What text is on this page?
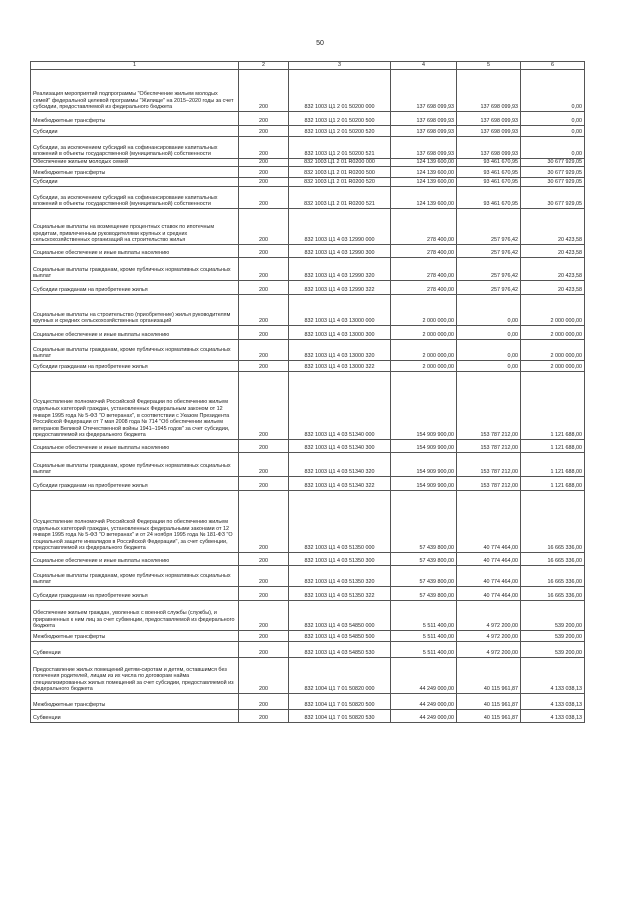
50
1	2	3	4	5	6
Реализация мероприятий подпрограммы "Обеспечение жильем молодых семей" федеральной целевой программы "Жилище" на 2015–2020 годы за счет субсидии, предоставляемой из федерального бюджета	200	832 1003 Ц1 2 01 50200 000	137 698 099,93	137 698 099,93	0,00
Межбюджетные трансферты	200	832 1003 Ц1 2 01 50200 500	137 698 099,93	137 698 099,93	0,00
Субсидии	200	832 1003 Ц1 2 01 50200 520	137 698 099,93	137 698 099,93	0,00
Субсидии, за исключением субсидий на софинансирование капитальных вложений в объекты государственной (муниципальной) собственности	200	832 1003 Ц1 2 01 50200 521	137 698 099,93	137 698 099,93	0,00
Обеспечение жильем молодых семей	200	832 1003 Ц1 2 01 R0200 000	124 139 600,00	93 461 670,95	30 677 929,05
Межбюджетные трансферты	200	832 1003 Ц1 2 01 R0200 500	124 139 600,00	93 461 670,95	30 677 929,05
Субсидии	200	832 1003 Ц1 2 01 R0200 520	124 139 600,00	93 461 670,95	30 677 929,05
Субсидии, за исключением субсидий на софинансирование капитальных вложений в объекты государственной (муниципальной) собственности	200	832 1003 Ц1 2 01 R0200 521	124 139 600,00	93 461 670,95	30 677 929,05
Социальные выплаты на возмещение процентных ставок по ипотечным кредитам, привлеченным руководителями крупных и средних сельскохозяйственных организаций на строительство жилья	200	832 1003 Ц1 4 03 12990 000	278 400,00	257 976,42	20 423,58
Социальное обеспечение и иные выплаты населению	200	832 1003 Ц1 4 03 12990 300	278 400,00	257 976,42	20 423,58
Социальные выплаты гражданам, кроме публичных нормативных социальных выплат	200	832 1003 Ц1 4 03 12990 320	278 400,00	257 976,42	20 423,58
Субсидии гражданам на приобретение жилья	200	832 1003 Ц1 4 03 12990 322	278 400,00	257 976,42	20 423,58
Социальные выплаты на строительство (приобретение) жилья руководителям крупных и средних сельскохозяйственных организаций	200	832 1003 Ц1 4 03 13000 000	2 000 000,00	0,00	2 000 000,00
Социальное обеспечение и иные выплаты населению	200	832 1003 Ц1 4 03 13000 300	2 000 000,00	0,00	2 000 000,00
Социальные выплаты гражданам, кроме публичных нормативных социальных выплат	200	832 1003 Ц1 4 03 13000 320	2 000 000,00	0,00	2 000 000,00
Субсидии гражданам на приобретение жилья	200	832 1003 Ц1 4 03 13000 322	2 000 000,00	0,00	2 000 000,00
Осуществление полномочий Российской Федерации по обеспечению жильем отдельных категорий граждан, установленных Федеральным законом от 12 января 1995 года № 5-ФЗ "О ветеранах", в соответствии с Указом Президента Российской Федерации от 7 мая 2008 года № 714 "Об обеспечении жильем ветеранов Великой Отечественной войны 1941–1945 годов" за счет субсидии, предоставляемой из федерального бюджета	200	832 1003 Ц1 4 03 51340 000	154 909 900,00	153 787 212,00	1 121 688,00
Социальное обеспечение и иные выплаты населению	200	832 1003 Ц1 4 03 51340 300	154 909 900,00	153 787 212,00	1 121 688,00
Социальные выплаты гражданам, кроме публичных нормативных социальных выплат	200	832 1003 Ц1 4 03 51340 320	154 909 900,00	153 787 212,00	1 121 688,00
Субсидии гражданам на приобретение жилья	200	832 1003 Ц1 4 03 51340 322	154 909 900,00	153 787 212,00	1 121 688,00
Осуществление полномочий Российской Федерации по обеспечению жильем отдельных категорий граждан, установленных федеральными законами от 12 января 1995 года № 5-ФЗ "О ветеранах" и от 24 ноября 1995 года № 181-ФЗ "О социальной защите инвалидов в Российской Федерации", за счет субвенции, предоставляемой из федерального бюджета	200	832 1003 Ц1 4 03 51350 000	57 439 800,00	40 774 464,00	16 665 336,00
Социальное обеспечение и иные выплаты населению	200	832 1003 Ц1 4 03 51350 300	57 439 800,00	40 774 464,00	16 665 336,00
Социальные выплаты гражданам, кроме публичных нормативных социальных выплат	200	832 1003 Ц1 4 03 51350 320	57 439 800,00	40 774 464,00	16 665 336,00
Субсидии гражданам на приобретение жилья	200	832 1003 Ц1 4 03 51350 322	57 439 800,00	40 774 464,00	16 665 336,00
Обеспечение жильем граждан, уволенных с военной службы (службы), и приравненных к ним лиц за счет субвенции, предоставляемой из федерального бюджета	200	832 1003 Ц1 4 03 54850 000	5 511 400,00	4 972 200,00	539 200,00
Межбюджетные трансферты	200	832 1003 Ц1 4 03 54850 500	5 511 400,00	4 972 200,00	539 200,00
Субвенции	200	832 1003 Ц1 4 03 54850 530	5 511 400,00	4 972 200,00	539 200,00
Предоставление жилых помещений детям-сиротам и детям, оставшимся без попечения родителей, лицам из их числа по договорам найма специализированных жилых помещений за счет субсидии, предоставляемой из федерального бюджета	200	832 1004 Ц1 7 01 50820 000	44 249 000,00	40 115 961,87	4 133 038,13
Межбюджетные трансферты	200	832 1004 Ц1 7 01 50820 500	44 249 000,00	40 115 961,87	4 133 038,13
Субвенции	200	832 1004 Ц1 7 01 50820 530	44 249 000,00	40 115 961,87	4 133 038,13
